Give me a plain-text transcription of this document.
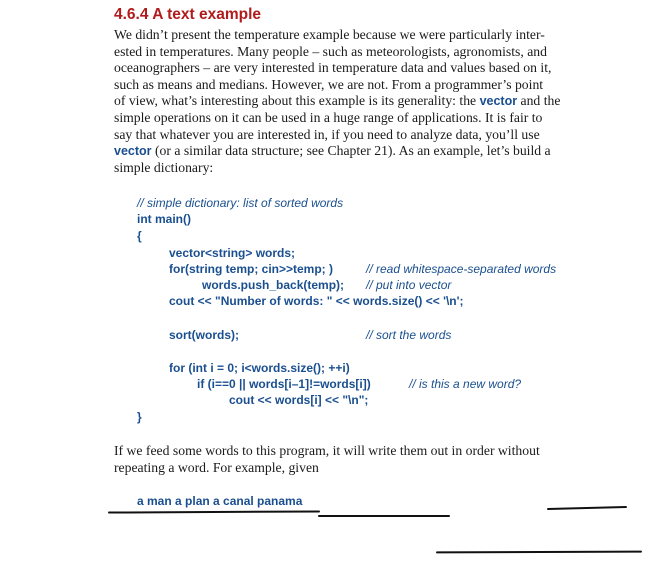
4.6.4 A text example
We didn’t present the temperature example because we were particularly inter-
ested in temperatures. Many people – such as meteorologists, agronomists, and
oceanographers – are very interested in temperature data and values based on it,
such as means and medians. However, we are not. From a programmer’s point
of view, what’s interesting about this example is its generality: the vector and the
simple operations on it can be used in a huge range of applications. It is fair to
say that whatever you are interested in, if you need to analyze data, you’ll use
vector (or a similar data structure; see Chapter 21). As an example, let’s build a
simple dictionary:
// simple dictionary: list of sorted words
int main()
{
vector<string> words;
for(string temp; cin>>temp; )	// read whitespace-separated words
words.push_back(temp); // put into vector
cout << "Number of words: " << words.size() << '\n';
sort(words);	// sort the words
for (int i = 0; i<words.size(); ++i)
if (i==0 || words[i–1]!=words[i])	// is this a new word?
cout << words[i] << "\n";
}
If we feed some words to this program, it will write them out in order without
repeating a word. For example, given
a man a plan a canal panama
